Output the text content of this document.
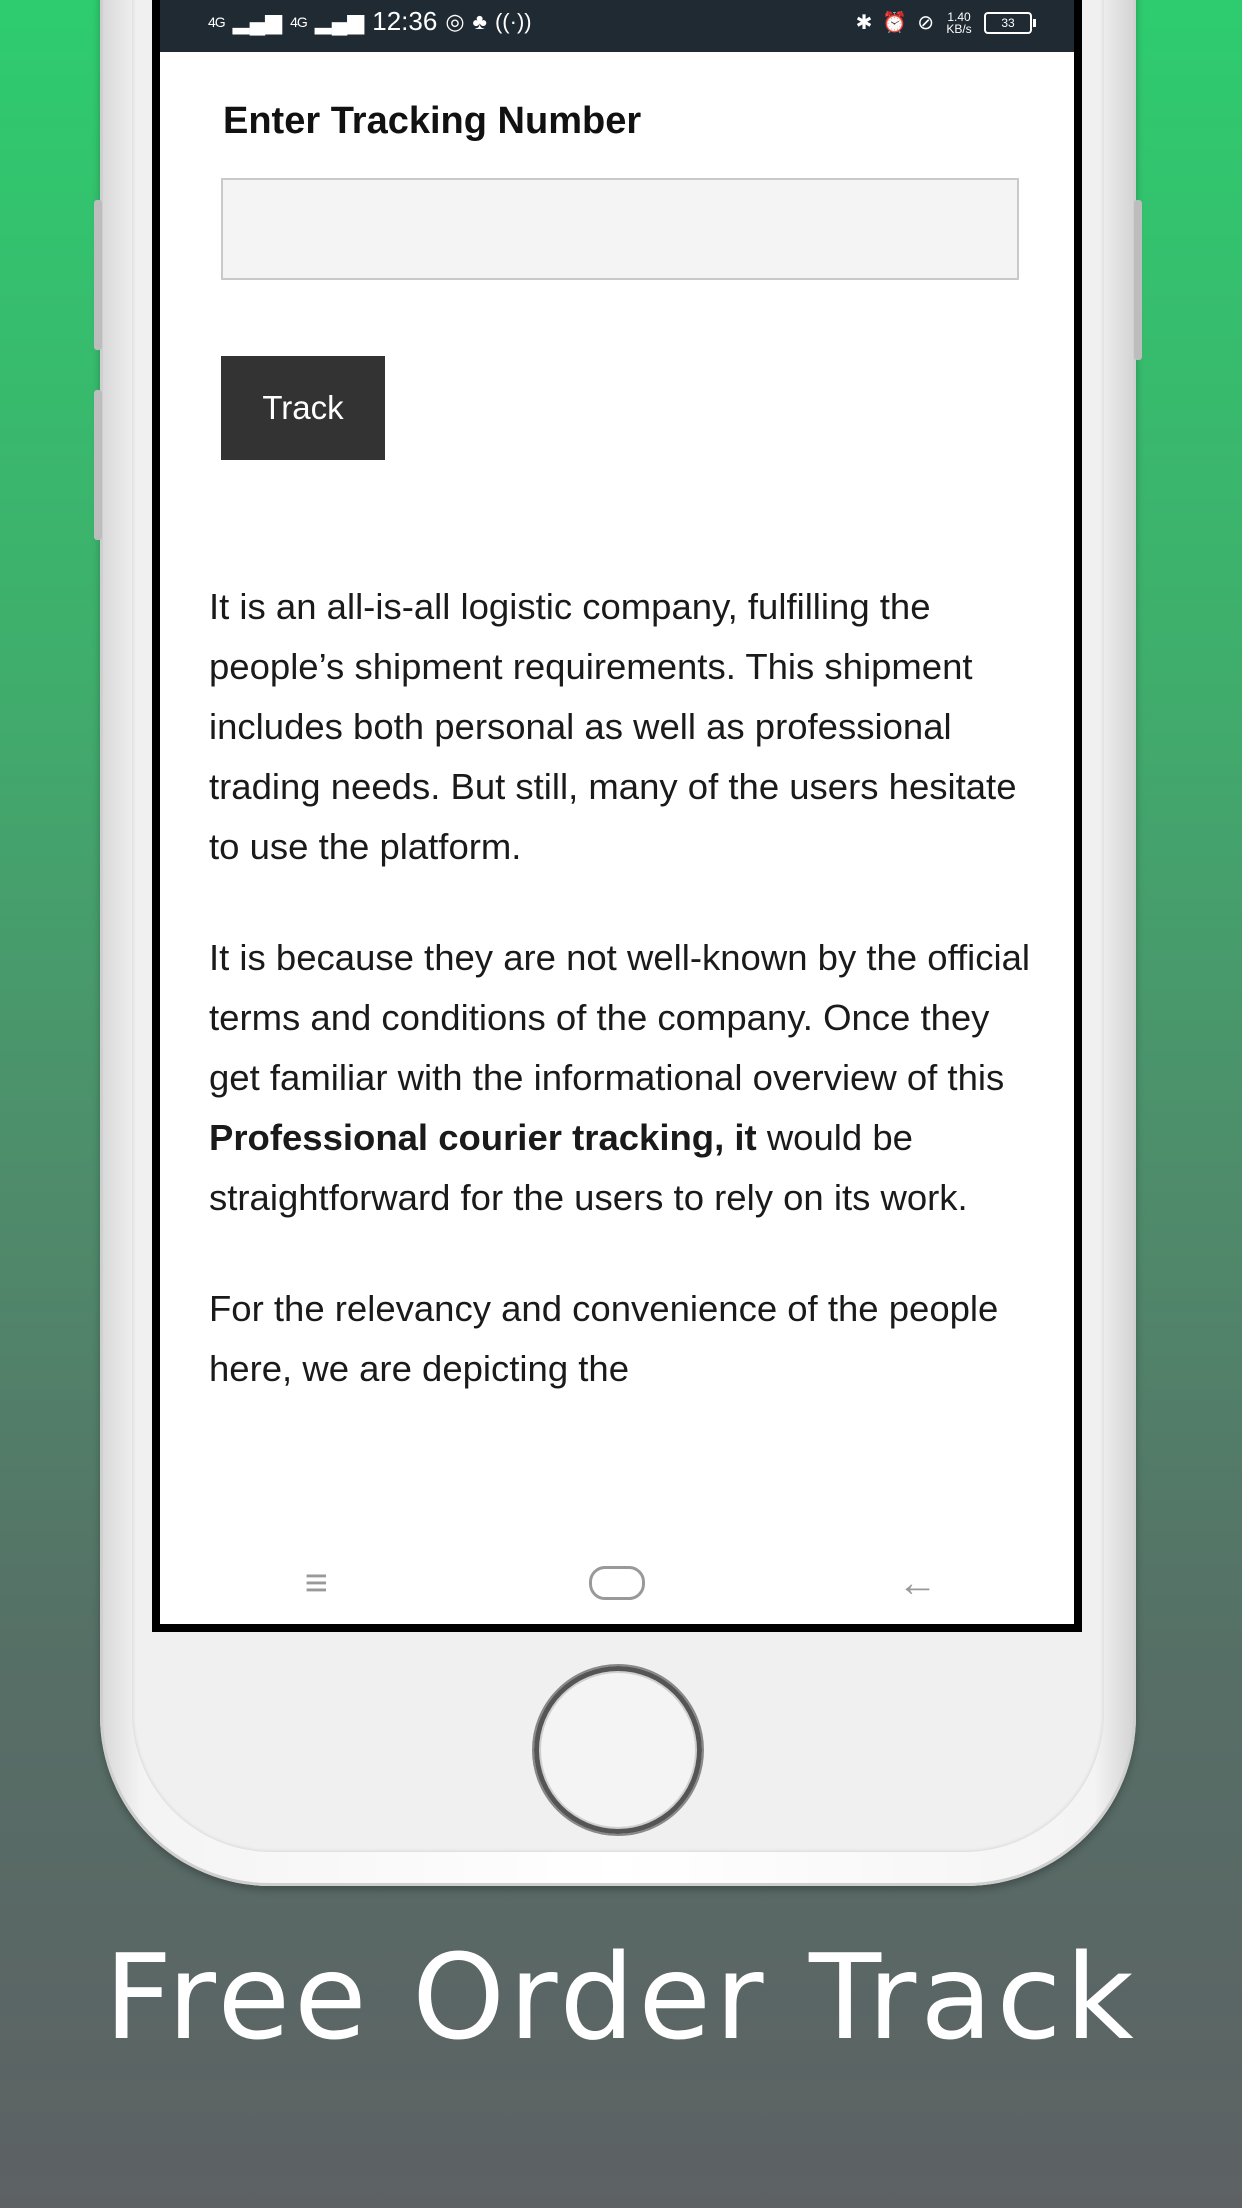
4G ▂▄▆ 4G ▂▄▆ 12:36 ◎ ♣ ((·))	✱ ⏰ ⊘ 1.40 KB/s	33
Enter Tracking Number
Track

It is an all-is-all logistic company, fulfilling the people’s shipment requirements. This shipment includes both personal as well as professional trading needs. But still, many of the users hesitate to use the platform.

It is because they are not well-known by the official terms and conditions of the company. Once they get familiar with the informational overview of this Professional courier tracking, it would be straightforward for the users to rely on its work.

For the relevancy and convenience of the people here, we are depicting the

≡	←
Free Order Track
